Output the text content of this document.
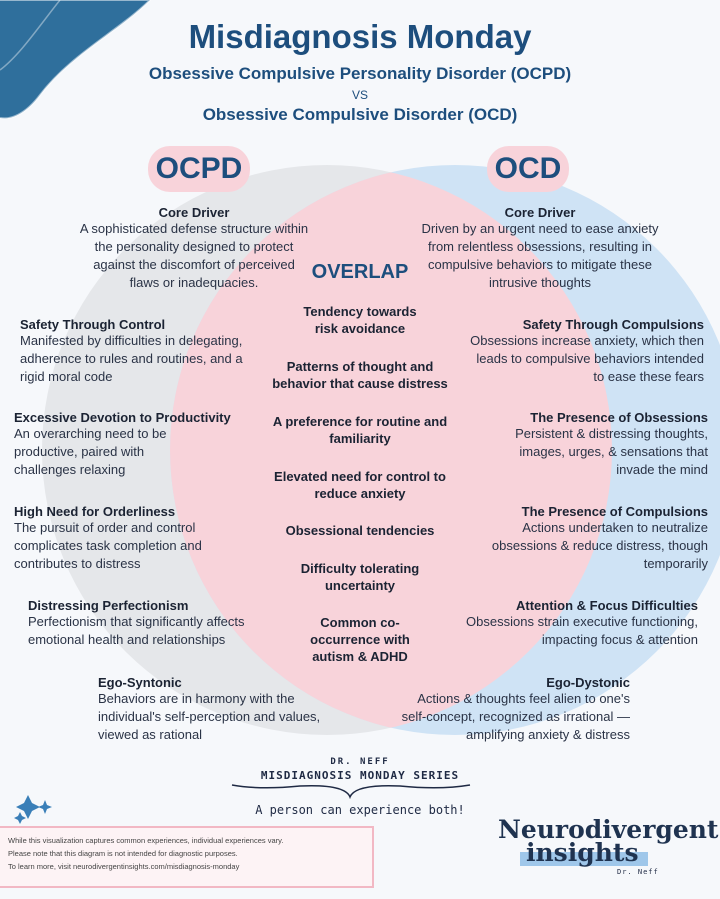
Misdiagnosis Monday
Obsessive Compulsive Personality Disorder (OCPD)
VS
Obsessive Compulsive Disorder (OCD)
OCPD	OCD
Core Driver
A sophisticated defense structure within the personality designed to protect against the discomfort of perceived flaws or inadequacies.
Safety Through Control
Manifested by difficulties in delegating, adherence to rules and routines, and a rigid moral code
Excessive Devotion to Productivity
An overarching need to be productive, paired with challenges relaxing
High Need for Orderliness
The pursuit of order and control complicates task completion and contributes to distress
Distressing Perfectionism
Perfectionism that significantly affects emotional health and relationships
Ego-Syntonic
Behaviors are in harmony with the individual's self-perception and values, viewed as rational
OVERLAP
Tendency towards risk avoidance
Patterns of thought and behavior that cause distress
A preference for routine and familiarity
Elevated need for control to reduce anxiety
Obsessional tendencies
Difficulty tolerating uncertainty
Common co-occurrence with autism & ADHD
Core Driver
Driven by an urgent need to ease anxiety from relentless obsessions, resulting in compulsive behaviors to mitigate these intrusive thoughts
Safety Through Compulsions
Obsessions increase anxiety, which then leads to compulsive behaviors intended to ease these fears
The Presence of Obsessions
Persistent & distressing thoughts, images, urges, & sensations that invade the mind
The Presence of Compulsions
Actions undertaken to neutralize obsessions & reduce distress, though temporarily
Attention & Focus Difficulties
Obsessions strain executive functioning, impacting focus & attention
Ego-Dystonic
Actions & thoughts feel alien to one's self-concept, recognized as irrational — amplifying anxiety & distress
DR. NEFF
MISDIAGNOSIS MONDAY SERIES
A person can experience both!
While this visualization captures common experiences, individual experiences vary.
Please note that this diagram is not intended for diagnostic purposes.
To learn more, visit neurodivergentinsights.com/misdiagnosis-monday
Neurodivergent
insights
Dr. Neff
